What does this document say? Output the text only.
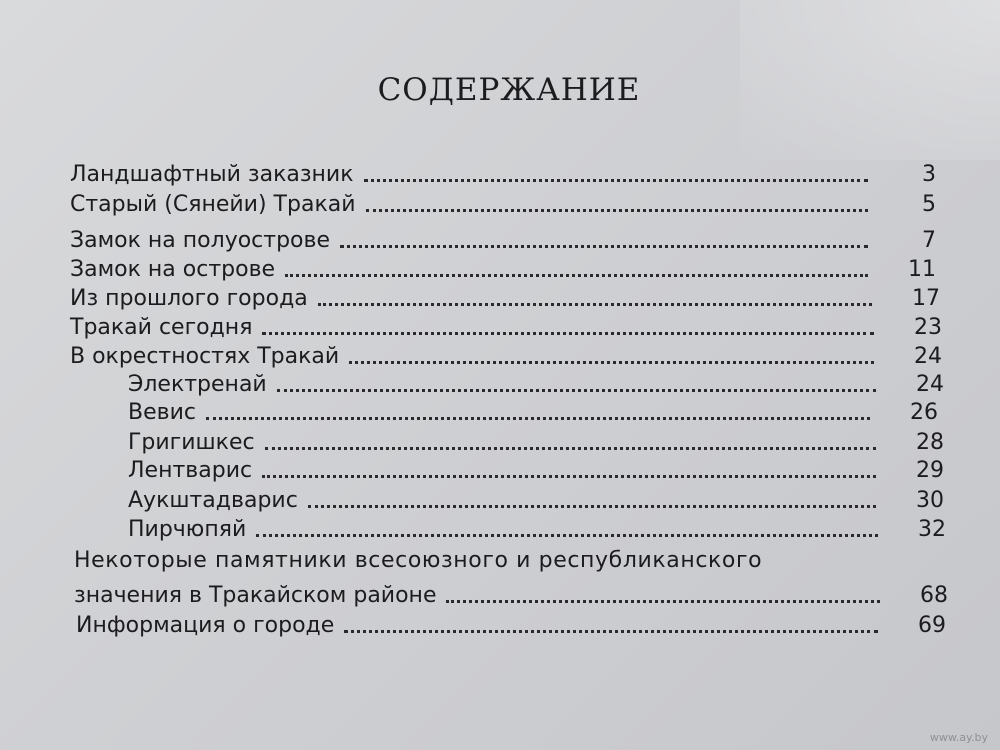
СОДЕРЖАНИЕ
Ландшафтный заказник	3
Старый (Сянейи) Тракай	5
Замок на полуострове	7
Замок на острове	11
Из прошлого города	17
Тракай сегодня	23
В окрестностях Тракай	24
Электренай	24
Вевис	26
Григишкес	28
Лентварис	29
Аукштадварис	30
Пирчюпяй	32
Некоторые памятники всесоюзного и республиканского
значения в Тракайском районе	68
Информация о городе	69
www.ay.by
